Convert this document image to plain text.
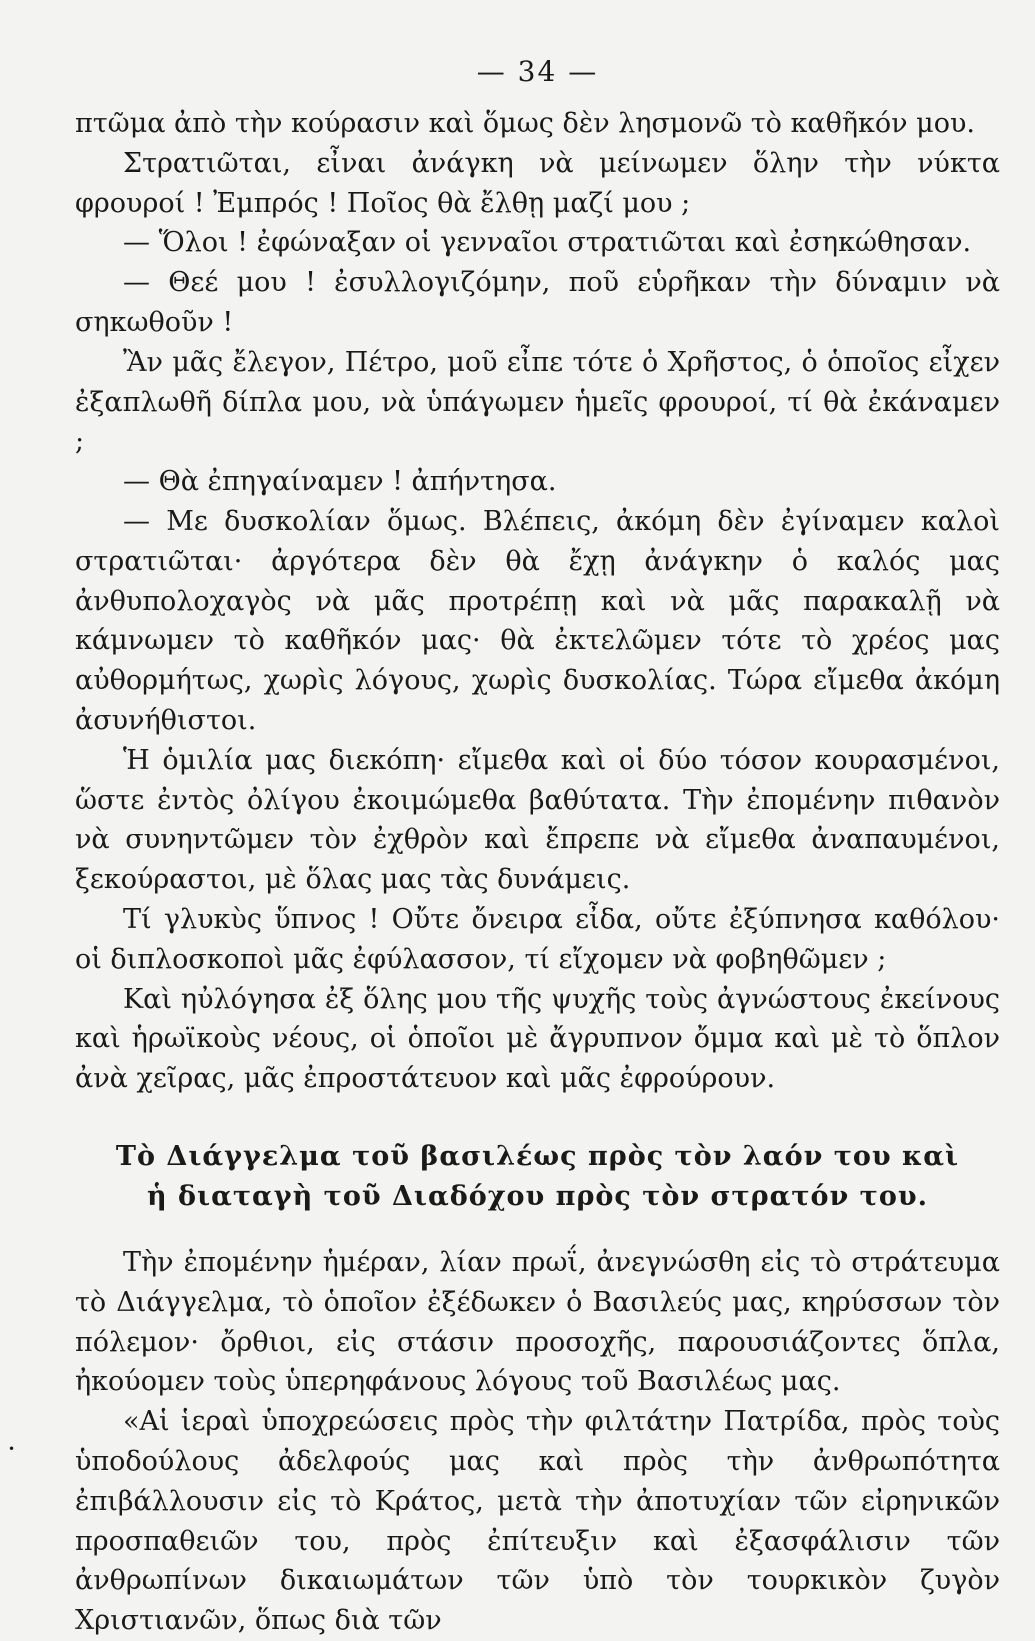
— 34 —

πτῶμα ἀπὸ τὴν κούρασιν καὶ ὅμως δὲν λησμονῶ τὸ καθῆκόν μου.

Στρατιῶται, εἶναι ἀνάγκη νὰ μείνωμεν ὅλην τὴν νύκτα φρουροί ! Ἐμπρός ! Ποῖος θὰ ἔλθῃ μαζί μου ;

— Ὅλοι ! ἐφώναξαν οἱ γενναῖοι στρατιῶται καὶ ἐσηκώθησαν.

— Θεέ μου ! ἐσυλλογιζόμην, ποῦ εὑρῆκαν τὴν δύναμιν νὰ σηκωθοῦν !

Ἂν μᾶς ἔλεγον, Πέτρο, μοῦ εἶπε τότε ὁ Χρῆστος, ὁ ὁποῖος εἶχεν ἐξαπλωθῆ δίπλα μου, νὰ ὑπάγωμεν ἡμεῖς φρουροί, τί θὰ ἐκάναμεν ;

— Θὰ ἐπηγαίναμεν ! ἀπήντησα.

— Με δυσκολίαν ὅμως. Βλέπεις, ἀκόμη δὲν ἐγίναμεν καλοὶ στρατιῶται· ἀργότερα δὲν θὰ ἔχῃ ἀνάγκην ὁ καλός μας ἀνθυπολοχαγὸς νὰ μᾶς προτρέπῃ καὶ νὰ μᾶς παρακαλῇ νὰ κάμνωμεν τὸ καθῆκόν μας· θὰ ἐκτελῶμεν τότε τὸ χρέος μας αὐθορμήτως, χωρὶς λόγους, χωρὶς δυσκολίας. Τώρα εἴμεθα ἀκόμη ἀσυνήθιστοι.

Ἡ ὁμιλία μας διεκόπη· εἴμεθα καὶ οἱ δύο τόσον κουρασμένοι, ὥστε ἐντὸς ὀλίγου ἐκοιμώμεθα βαθύτατα. Τὴν ἐπομένην πιθανὸν νὰ συνηντῶμεν τὸν ἐχθρὸν καὶ ἔπρεπε νὰ εἴμεθα ἀναπαυμένοι, ξεκούραστοι, μὲ ὅλας μας τὰς δυνάμεις.

Τί γλυκὺς ὕπνος ! Οὔτε ὄνειρα εἶδα, οὔτε ἐξύπνησα καθόλου· οἱ διπλοσκοποὶ μᾶς ἐφύλασσον, τί εἴχομεν νὰ φοβηθῶμεν ;

Καὶ ηὐλόγησα ἐξ ὅλης μου τῆς ψυχῆς τοὺς ἀγνώστους ἐκείνους καὶ ἡρωϊκοὺς νέους, οἱ ὁποῖοι μὲ ἄγρυπνον ὄμμα καὶ μὲ τὸ ὅπλον ἀνὰ χεῖρας, μᾶς ἐπροστάτευον καὶ μᾶς ἐφρούρουν.

Τὸ Διάγγελμα τοῦ βασιλέως πρὸς τὸν λαόν του καὶ
ἡ διαταγὴ τοῦ Διαδόχου πρὸς τὸν στρατόν του.

Τὴν ἐπομένην ἡμέραν, λίαν πρωΐ, ἀνεγνώσθη εἰς τὸ στράτευμα τὸ Διάγγελμα, τὸ ὁποῖον ἐξέδωκεν ὁ Βασιλεύς μας, κηρύσσων τὸν πόλεμον· ὄρθιοι, εἰς στάσιν προσοχῆς, παρουσιάζοντες ὅπλα, ἠκούομεν τοὺς ὑπερηφάνους λόγους τοῦ Βασιλέως μας.

«Αἱ ἱεραὶ ὑποχρεώσεις πρὸς τὴν φιλτάτην Πατρίδα, πρὸς τοὺς ὑποδούλους ἀδελφούς μας καὶ πρὸς τὴν ἀνθρωπότητα ἐπιβάλλουσιν εἰς τὸ Κράτος, μετὰ τὴν ἀποτυχίαν τῶν εἰρηνικῶν προσπαθειῶν του, πρὸς ἐπίτευξιν καὶ ἐξασφάλισιν τῶν ἀνθρωπίνων δικαιωμάτων τῶν ὑπὸ τὸν τουρκικὸν ζυγὸν Χριστιανῶν, ὅπως διὰ τῶν

•
